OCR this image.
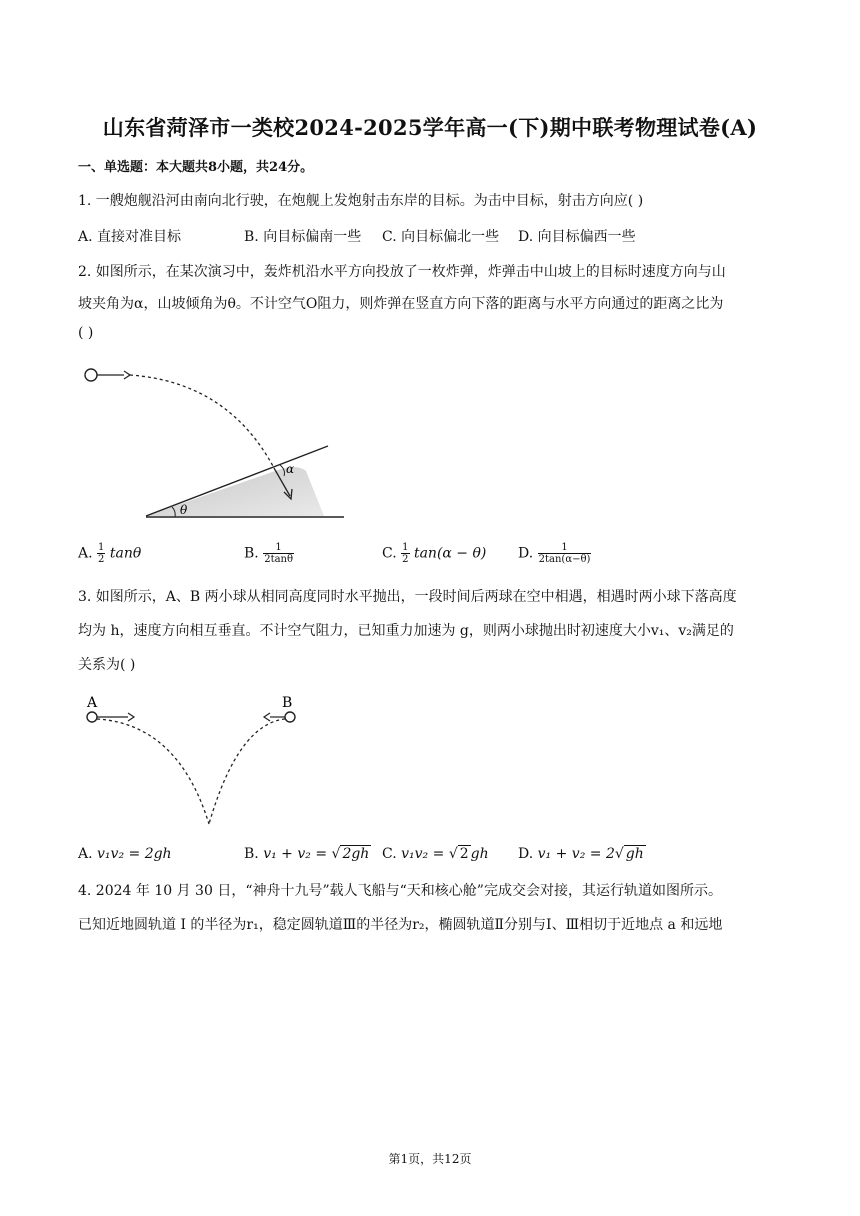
山东省菏泽市一类校2024-2025学年高一(下)期中联考物理试卷(A)
一、单选题：本大题共8小题，共24分。
1. 一艘炮舰沿河由南向北行驶，在炮舰上发炮射击东岸的目标。为击中目标，射击方向应( )
A. 直接对准目标	B. 向目标偏南一些 C. 向目标偏北一些 D. 向目标偏西一些
2. 如图所示，在某次演习中，轰炸机沿水平方向投放了一枚炸弹，炸弹击中山坡上的目标时速度方向与山
坡夹角为α，山坡倾角为θ。不计空气O阻力，则炸弹在竖直方向下落的距离与水平方向通过的距离之比为
( )
α
θ
A. $\frac{1}{2}$ tanθ	B. $\frac{1}{2\tan\theta}$	C. $\frac{1}{2} \tan(\alpha - \theta)$ D. $\frac{1}{2\tan(\alpha-\theta)}$
3. 如图所示，A、B 两小球从相同高度同时水平抛出，一段时间后两球在空中相遇，相遇时两小球下落高度
均为 h，速度方向相互垂直。不计空气阻力，已知重力加速为 g，则两小球抛出时初速度大小v₁、v₂满足的
关系为( )
A	B
A. v₁v₂ = 2gh	B. v₁ + v₂ = √ 2gh C. v₁v₂ = √ 2 gh D. v₁ + v₂ = 2√ gh
4. 2024 年 10 月 30 日，“神舟十九号”载人飞船与“天和核心舱”完成交会对接，其运行轨道如图所示。
已知近地圆轨道 I 的半径为r₁，稳定圆轨道Ⅲ的半径为r₂，椭圆轨道Ⅱ分别与Ⅰ、Ⅲ相切于近地点 a 和远地
第1页，共12页
